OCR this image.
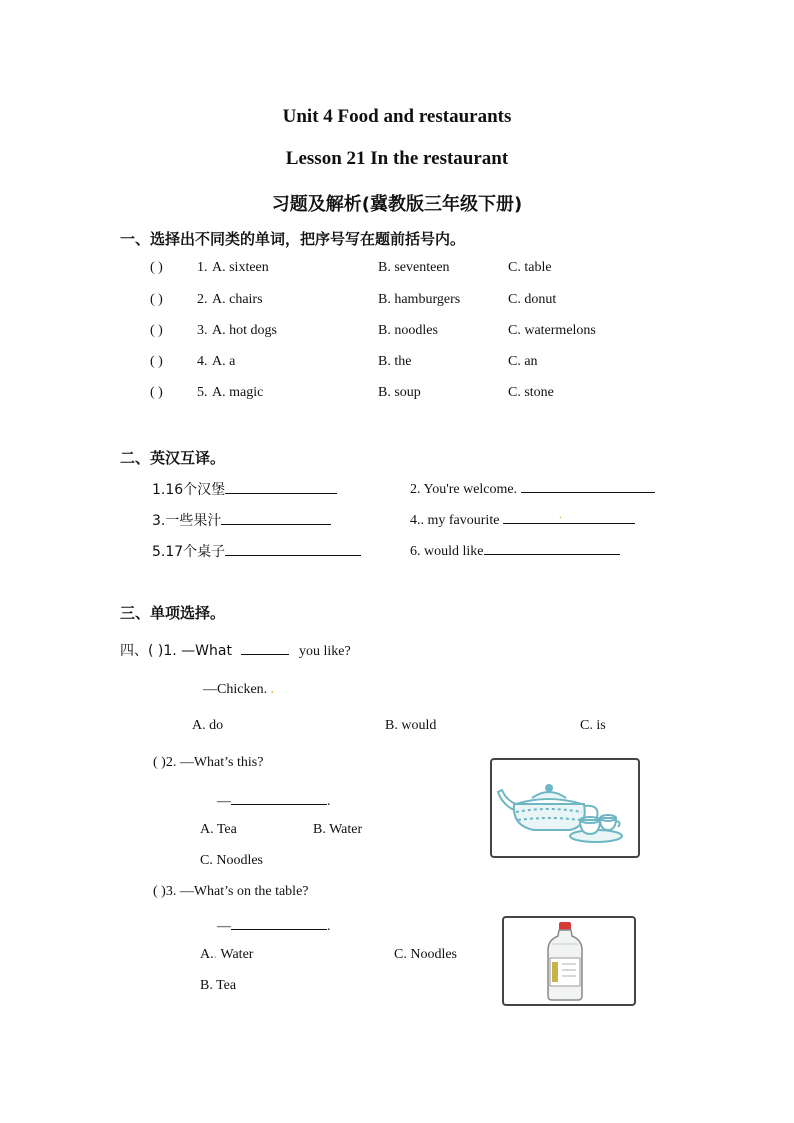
Unit 4 Food and restaurants
Lesson 21 In the restaurant
习题及解析(冀教版三年级下册)
一、选择出不同类的单词，把序号写在题前括号内。
( ) 1. A. sixteen	B. seventeen	C. table
( ) 2. A. chairs	B. hamburgers	C. donut
( ) 3. A. hot dogs	B. noodles	C. watermelons
( ) 4. A. a	B. the	C. an
( ) 5. A. magic	B. soup	C. stone
二、英汉互译。
1.16个汉堡	2. You're welcome.
3.一些果汁	4.. my favourite	.
5.17个桌子	6. would like
三、单项选择。
四、( )1. —What	you like?
—Chicken. .
A. do	B. would	C. is
( )2. —What’s this?
—	.
A. Tea	B. Water
C. Noodles
( )3. —What’s on the table?
—	.
A.. Water	C. Noodles
B. Tea
